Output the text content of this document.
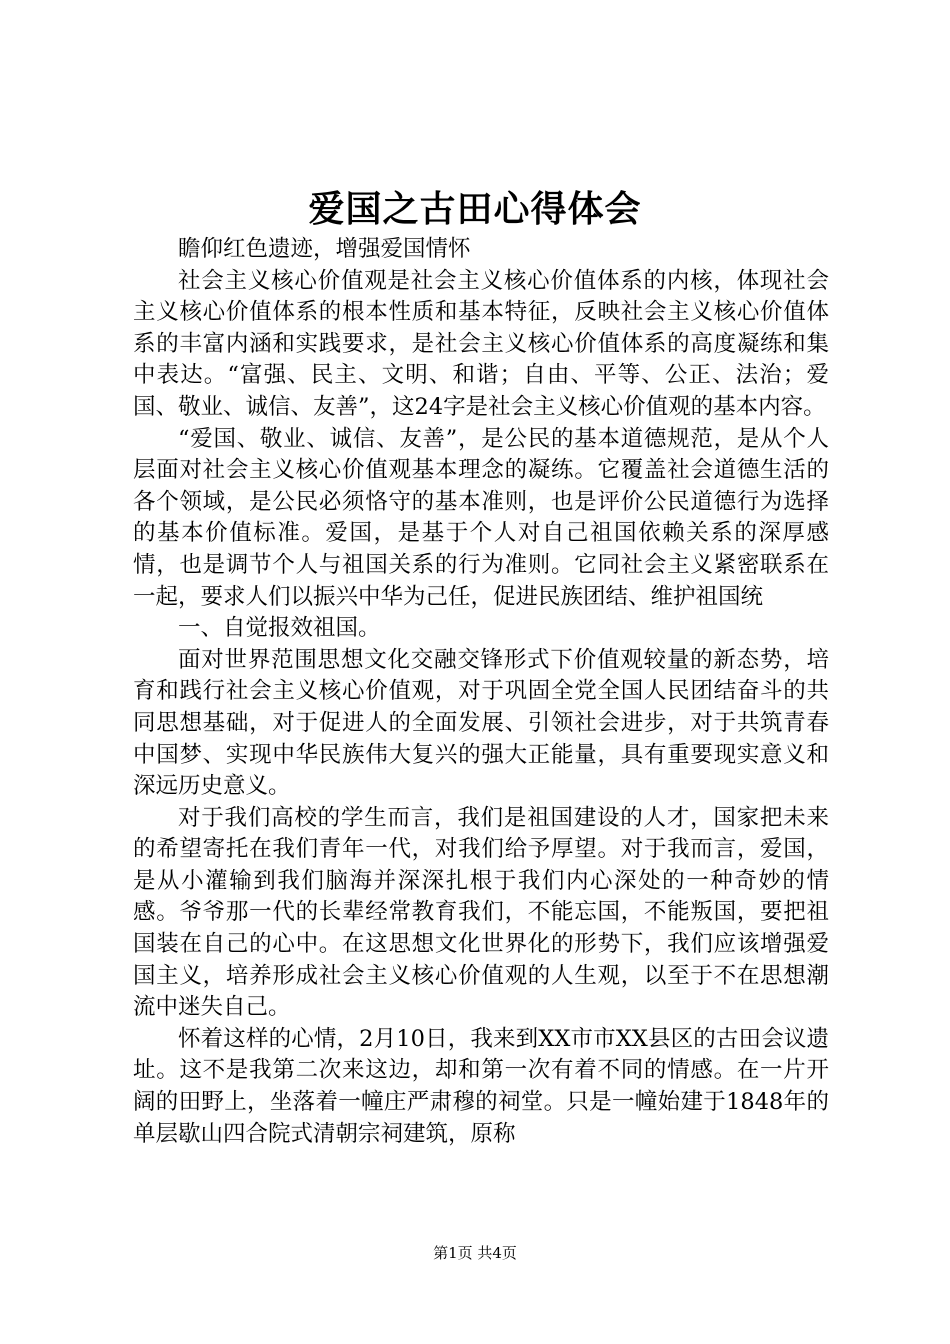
爱国之古田心得体会

瞻仰红色遗迹，增强爱国情怀

社会主义核心价值观是社会主义核心价值体系的内核，体现社会主义核心价值体系的根本性质和基本特征，反映社会主义核心价值体系的丰富内涵和实践要求，是社会主义核心价值体系的高度凝练和集中表达。“富强、民主、文明、和谐；自由、平等、公正、法治；爱国、敬业、诚信、友善”，这24字是社会主义核心价值观的基本内容。

“爱国、敬业、诚信、友善”，是公民的基本道德规范，是从个人层面对社会主义核心价值观基本理念的凝练。它覆盖社会道德生活的各个领域，是公民必须恪守的基本准则，也是评价公民道德行为选择的基本价值标准。爱国，是基于个人对自己祖国依赖关系的深厚感情，也是调节个人与祖国关系的行为准则。它同社会主义紧密联系在一起，要求人们以振兴中华为己任，促进民族团结、维护祖国统

一、自觉报效祖国。

面对世界范围思想文化交融交锋形式下价值观较量的新态势，培育和践行社会主义核心价值观，对于巩固全党全国人民团结奋斗的共同思想基础，对于促进人的全面发展、引领社会进步，对于共筑青春中国梦、实现中华民族伟大复兴的强大正能量，具有重要现实意义和深远历史意义。

对于我们高校的学生而言，我们是祖国建设的人才，国家把未来的希望寄托在我们青年一代，对我们给予厚望。对于我而言，爱国，是从小灌输到我们脑海并深深扎根于我们内心深处的一种奇妙的情感。爷爷那一代的长辈经常教育我们，不能忘国，不能叛国，要把祖国装在自己的心中。在这思想文化世界化的形势下，我们应该增强爱国主义，培养形成社会主义核心价值观的人生观，以至于不在思想潮流中迷失自己。

怀着这样的心情，2月10日，我来到XX市市XX县区的古田会议遗址。这不是我第二次来这边，却和第一次有着不同的情感。在一片开阔的田野上，坐落着一幢庄严肃穆的祠堂。只是一幢始建于1848年的单层歇山四合院式清朝宗祠建筑，原称

第1页 共4页
